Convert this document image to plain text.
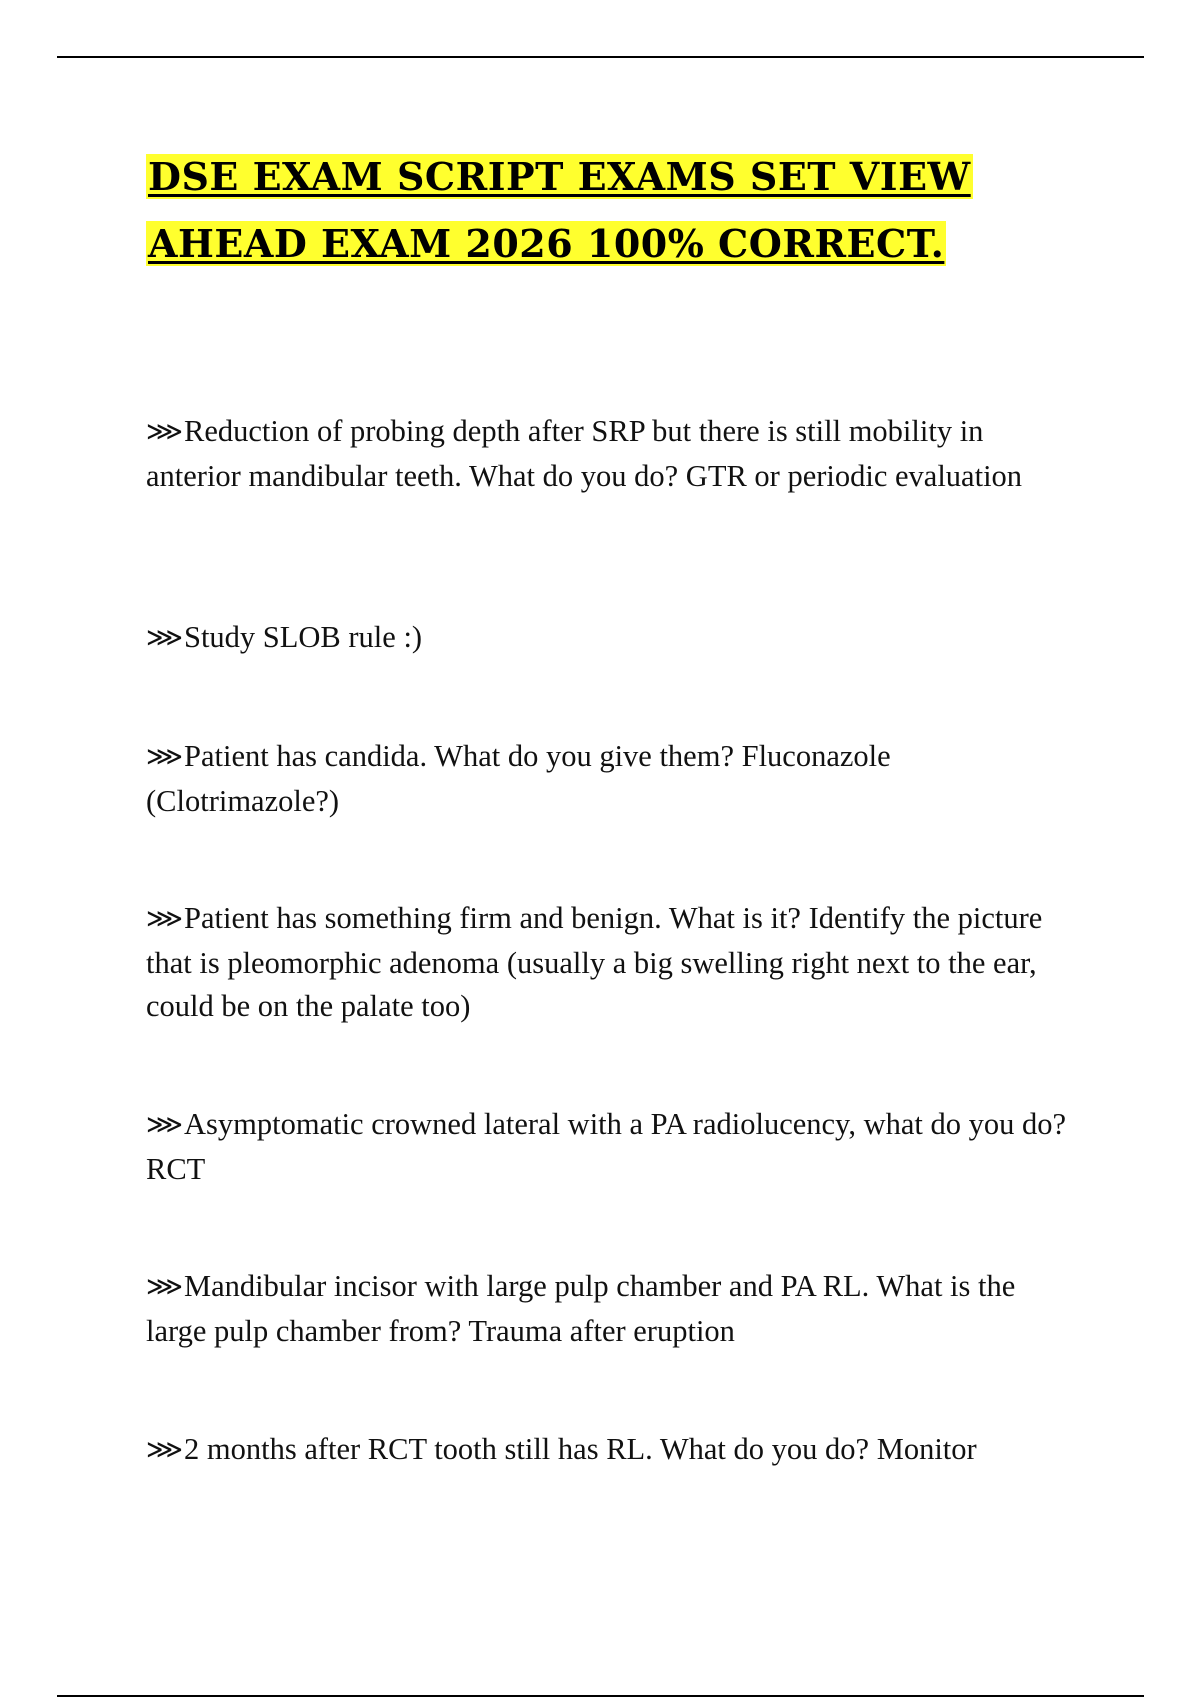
DSE EXAM SCRIPT EXAMS SET VIEW AHEAD EXAM 2026 100% CORRECT.

⋙Reduction of probing depth after SRP but there is still mobility in anterior mandibular teeth. What do you do? GTR or periodic evaluation

⋙Study SLOB rule :)

⋙Patient has candida. What do you give them? Fluconazole (Clotrimazole?)

⋙Patient has something firm and benign. What is it? Identify the picture that is pleomorphic adenoma (usually a big swelling right next to the ear, could be on the palate too)

⋙Asymptomatic crowned lateral with a PA radiolucency, what do you do? RCT

⋙Mandibular incisor with large pulp chamber and PA RL. What is the large pulp chamber from? Trauma after eruption

⋙2 months after RCT tooth still has RL. What do you do? Monitor
